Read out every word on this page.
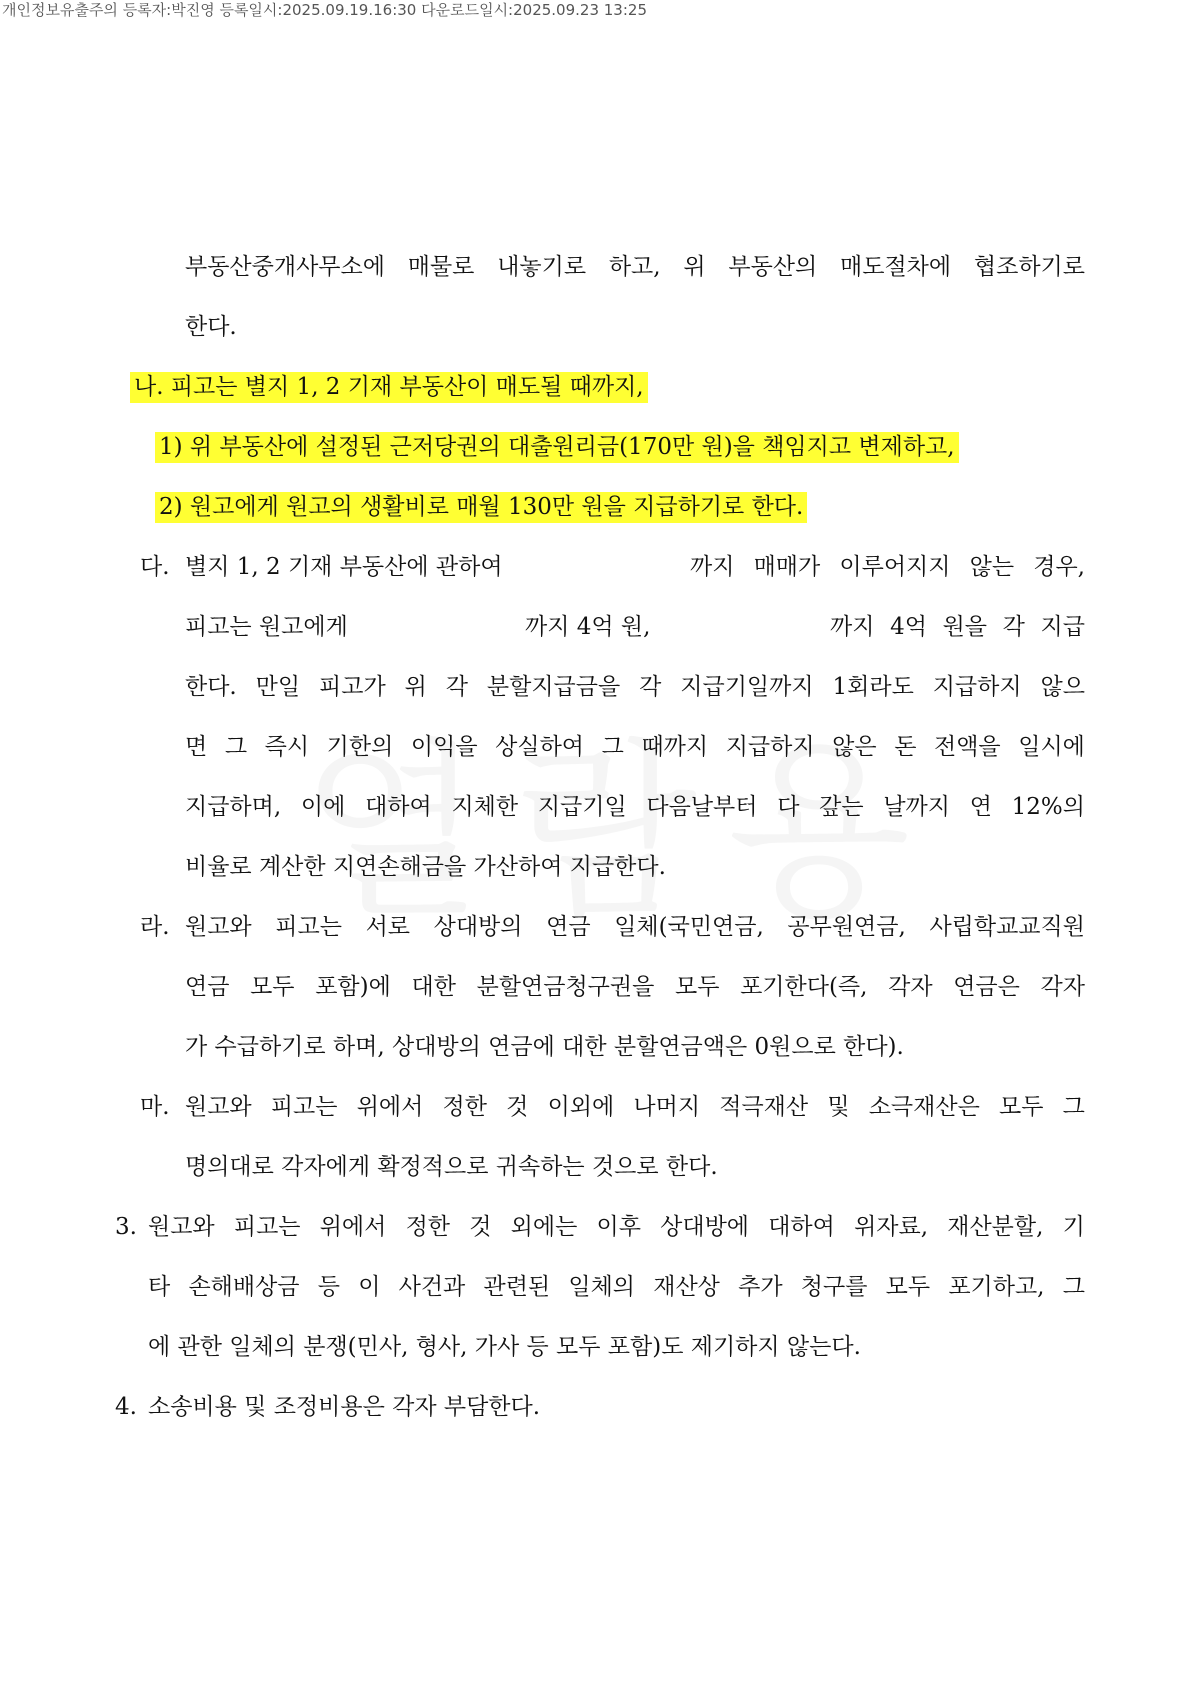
개인정보유출주의 등록자:박진영 등록일시:2025.09.19.16:30 다운로드일시:2025.09.23 13:25
부동산중개사무소에 매물로 내놓기로 하고, 위 부동산의 매도절차에 협조하기로
한다.
나. 피고는 별지 1, 2 기재 부동산이 매도될 때까지,
1) 위 부동산에 설정된 근저당권의 대출원리금(170만 원)을 책임지고 변제하고,
2) 원고에게 원고의 생활비로 매월 130만 원을 지급하기로 한다.
다. 별지 1, 2 기재 부동산에 관하여	까지 매매가 이루어지지 않는 경우,
피고는 원고에게	까지 4억 원,	까지 4억 원을 각 지급
한다. 만일 피고가 위 각 분할지급금을 각 지급기일까지 1회라도 지급하지 않으
면 그 즉시 기한의 이익을 상실하여 그 때까지 지급하지 않은 돈 전액을 일시에
지급하며, 이에 대하여 지체한 지급기일 다음날부터 다 갚는 날까지 연 12%의
비율로 계산한 지연손해금을 가산하여 지급한다.
라. 원고와 피고는 서로 상대방의 연금 일체(국민연금, 공무원연금, 사립학교교직원
연금 모두 포함)에 대한 분할연금청구권을 모두 포기한다(즉, 각자 연금은 각자
가 수급하기로 하며, 상대방의 연금에 대한 분할연금액은 0원으로 한다).
마. 원고와 피고는 위에서 정한 것 이외에 나머지 적극재산 및 소극재산은 모두 그
명의대로 각자에게 확정적으로 귀속하는 것으로 한다.
3. 원고와 피고는 위에서 정한 것 외에는 이후 상대방에 대하여 위자료, 재산분할, 기
타 손해배상금 등 이 사건과 관련된 일체의 재산상 추가 청구를 모두 포기하고, 그
에 관한 일체의 분쟁(민사, 형사, 가사 등 모두 포함)도 제기하지 않는다.
4. 소송비용 및 조정비용은 각자 부담한다.
